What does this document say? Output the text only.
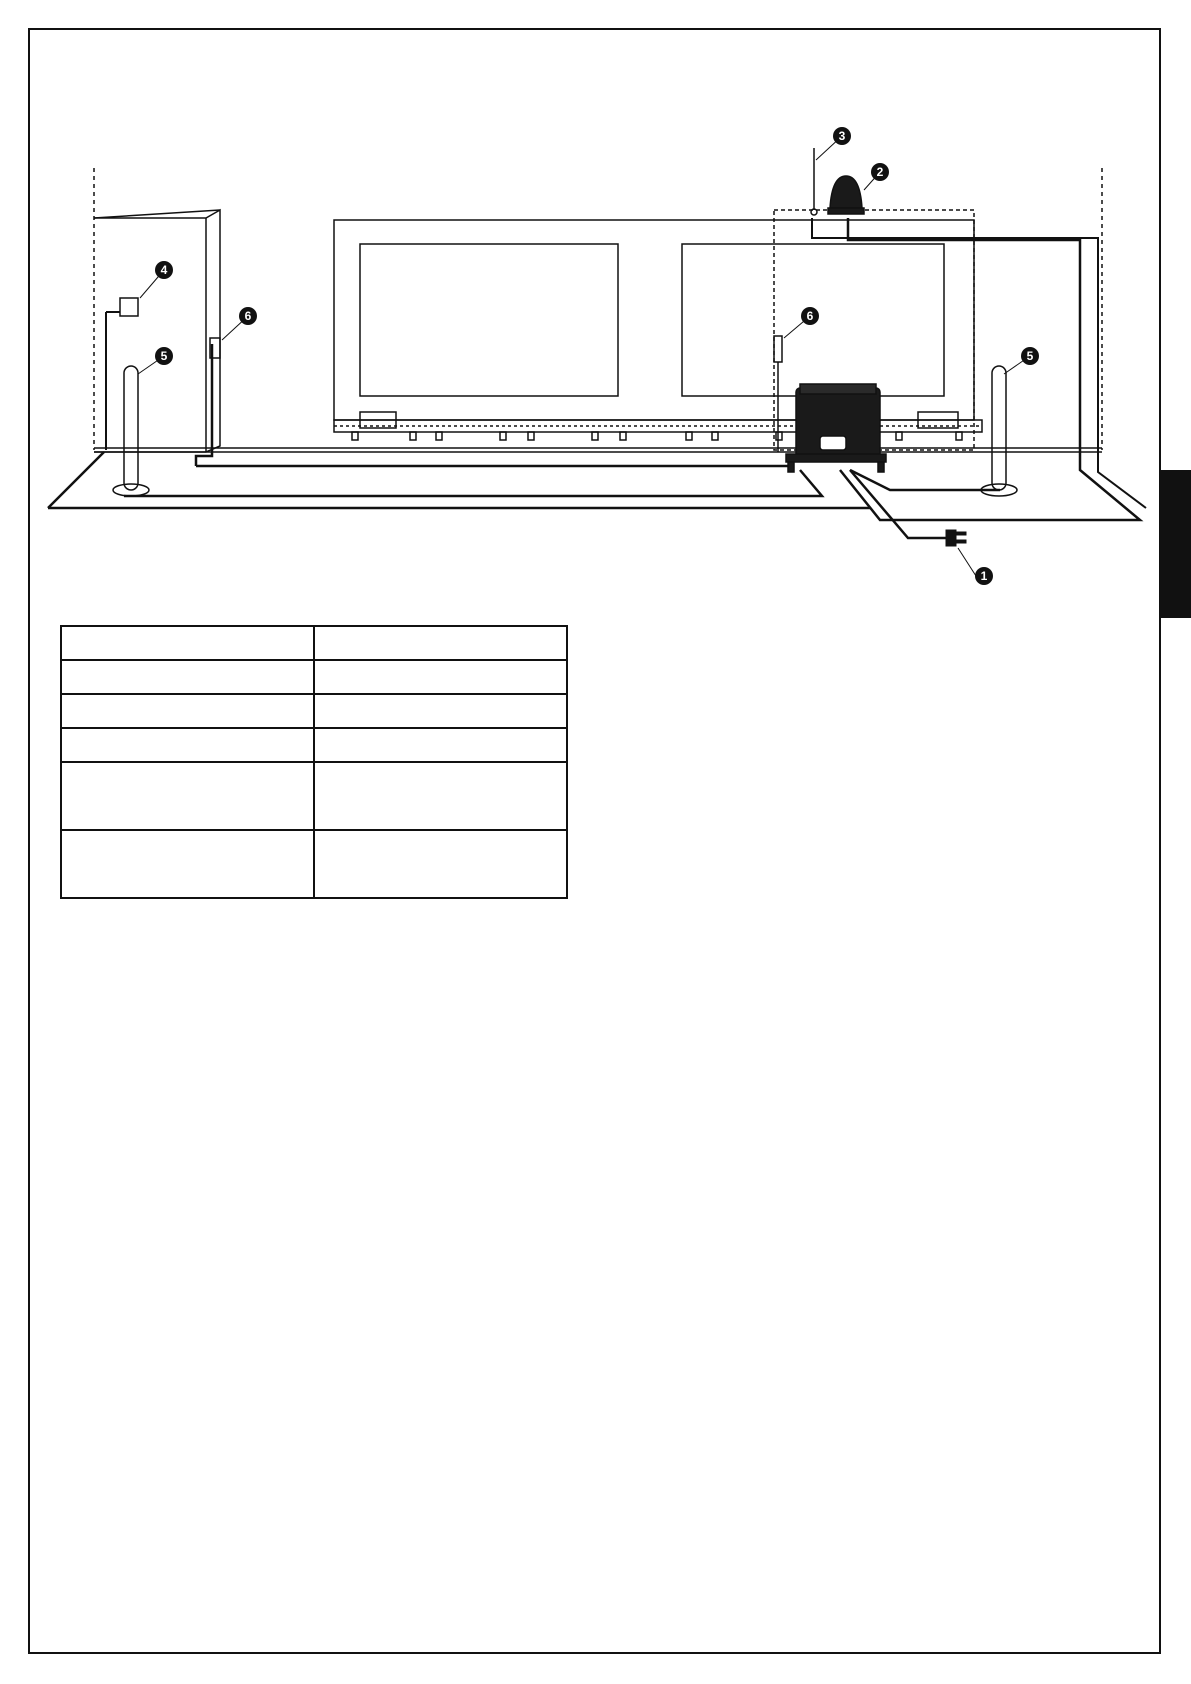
1
2
3
4
5	5
6	6
